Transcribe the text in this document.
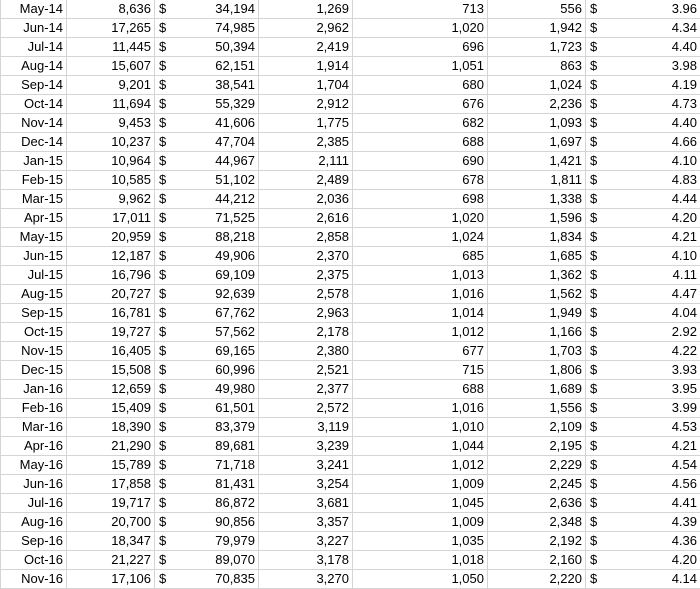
May-14	8,636	$	34,194	1,269	713	556	$	3.96
Jun-14	17,265	$	74,985	2,962	1,020	1,942	$	4.34
Jul-14	11,445	$	50,394	2,419	696	1,723	$	4.40
Aug-14	15,607	$	62,151	1,914	1,051	863	$	3.98
Sep-14	9,201	$	38,541	1,704	680	1,024	$	4.19
Oct-14	11,694	$	55,329	2,912	676	2,236	$	4.73
Nov-14	9,453	$	41,606	1,775	682	1,093	$	4.40
Dec-14	10,237	$	47,704	2,385	688	1,697	$	4.66
Jan-15	10,964	$	44,967	2,111	690	1,421	$	4.10
Feb-15	10,585	$	51,102	2,489	678	1,811	$	4.83
Mar-15	9,962	$	44,212	2,036	698	1,338	$	4.44
Apr-15	17,011	$	71,525	2,616	1,020	1,596	$	4.20
May-15	20,959	$	88,218	2,858	1,024	1,834	$	4.21
Jun-15	12,187	$	49,906	2,370	685	1,685	$	4.10
Jul-15	16,796	$	69,109	2,375	1,013	1,362	$	4.11
Aug-15	20,727	$	92,639	2,578	1,016	1,562	$	4.47
Sep-15	16,781	$	67,762	2,963	1,014	1,949	$	4.04
Oct-15	19,727	$	57,562	2,178	1,012	1,166	$	2.92
Nov-15	16,405	$	69,165	2,380	677	1,703	$	4.22
Dec-15	15,508	$	60,996	2,521	715	1,806	$	3.93
Jan-16	12,659	$	49,980	2,377	688	1,689	$	3.95
Feb-16	15,409	$	61,501	2,572	1,016	1,556	$	3.99
Mar-16	18,390	$	83,379	3,119	1,010	2,109	$	4.53
Apr-16	21,290	$	89,681	3,239	1,044	2,195	$	4.21
May-16	15,789	$	71,718	3,241	1,012	2,229	$	4.54
Jun-16	17,858	$	81,431	3,254	1,009	2,245	$	4.56
Jul-16	19,717	$	86,872	3,681	1,045	2,636	$	4.41
Aug-16	20,700	$	90,856	3,357	1,009	2,348	$	4.39
Sep-16	18,347	$	79,979	3,227	1,035	2,192	$	4.36
Oct-16	21,227	$	89,070	3,178	1,018	2,160	$	4.20
Nov-16	17,106	$	70,835	3,270	1,050	2,220	$	4.14
